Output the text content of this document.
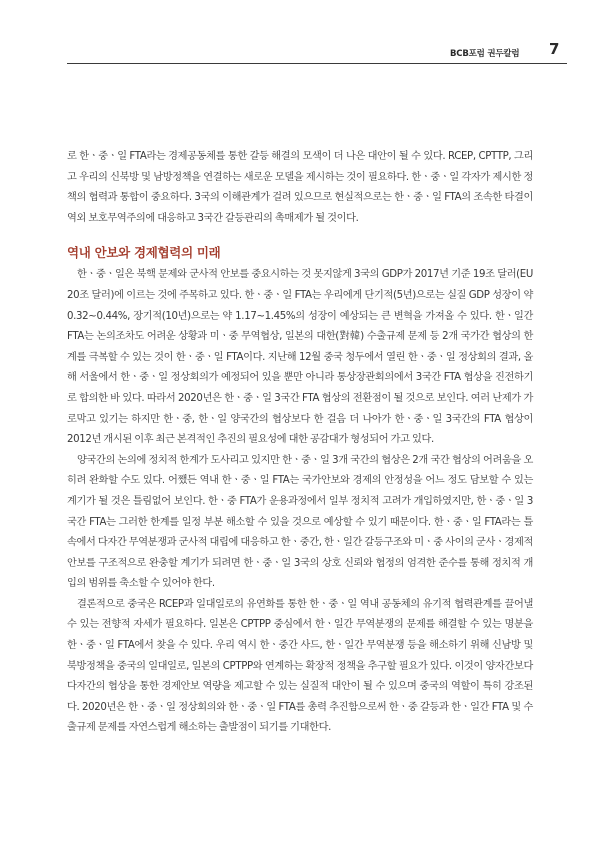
BCB포럼 권두칼럼 7

로 한ㆍ중ㆍ일 FTA라는 경제공동체를 통한 갈등 해결의 모색이 더 나은 대안이 될 수 있다. RCEP, CPTTP, 그리고 우리의 신북방 및 남방정책을 연결하는 새로운 모델을 제시하는 것이 필요하다. 한ㆍ중ㆍ일 각자가 제시한 정책의 협력과 통합이 중요하다. 3국의 이해관계가 걸려 있으므로 현실적으로는 한ㆍ중ㆍ일 FTA의 조속한 타결이 역외 보호무역주의에 대응하고 3국간 갈등관리의 촉매제가 될 것이다.

역내 안보와 경제협력의 미래

한ㆍ중ㆍ일은 북핵 문제와 군사적 안보를 중요시하는 것 못지않게 3국의 GDP가 2017년 기준 19조 달러(EU 20조 달러)에 이르는 것에 주목하고 있다. 한ㆍ중ㆍ일 FTA는 우리에게 단기적(5년)으로는 실질 GDP 성장이 약 0.32~0.44%, 장기적(10년)으로는 약 1.17~1.45%의 성장이 예상되는 큰 변혁을 가져올 수 있다. 한ㆍ일간 FTA는 논의조차도 어려운 상황과 미ㆍ중 무역협상, 일본의 대한(對韓) 수출규제 문제 등 2개 국가간 협상의 한계를 극복할 수 있는 것이 한ㆍ중ㆍ일 FTA이다. 지난해 12월 중국 청두에서 열린 한ㆍ중ㆍ일 정상회의 결과, 올해 서울에서 한ㆍ중ㆍ일 정상회의가 예정되어 있을 뿐만 아니라 통상장관회의에서 3국간 FTA 협상을 진전하기로 합의한 바 있다. 따라서 2020년은 한ㆍ중ㆍ일 3국간 FTA 협상의 전환점이 될 것으로 보인다. 여러 난제가 가로막고 있기는 하지만 한ㆍ중, 한ㆍ일 양국간의 협상보다 한 걸음 더 나아가 한ㆍ중ㆍ일 3국간의 FTA 협상이 2012년 개시된 이후 최근 본격적인 추진의 필요성에 대한 공감대가 형성되어 가고 있다.

양국간의 논의에 정치적 한계가 도사리고 있지만 한ㆍ중ㆍ일 3개 국간의 협상은 2개 국간 협상의 어려움을 오히려 완화할 수도 있다. 어쨌든 역내 한ㆍ중ㆍ일 FTA는 국가안보와 경제의 안정성을 어느 정도 담보할 수 있는 계기가 될 것은 틀림없어 보인다. 한ㆍ중 FTA가 운용과정에서 일부 정치적 고려가 개입하였지만, 한ㆍ중ㆍ일 3국간 FTA는 그러한 한계를 일정 부분 해소할 수 있을 것으로 예상할 수 있기 때문이다. 한ㆍ중ㆍ일 FTA라는 틀 속에서 다자간 무역분쟁과 군사적 대립에 대응하고 한ㆍ중간, 한ㆍ일간 갈등구조와 미ㆍ중 사이의 군사ㆍ경제적 안보를 구조적으로 완충할 계기가 되려면 한ㆍ중ㆍ일 3국의 상호 신뢰와 협정의 엄격한 준수를 통해 정치적 개입의 범위를 축소할 수 있어야 한다.

결론적으로 중국은 RCEP과 일대일로의 유연화를 통한 한ㆍ중ㆍ일 역내 공동체의 유기적 협력관계를 끌어낼 수 있는 전향적 자세가 필요하다. 일본은 CPTPP 중심에서 한ㆍ일간 무역분쟁의 문제를 해결할 수 있는 명분을 한ㆍ중ㆍ일 FTA에서 찾을 수 있다. 우리 역시 한ㆍ중간 사드, 한ㆍ일간 무역분쟁 등을 해소하기 위해 신남방 및 북방정책을 중국의 일대일로, 일본의 CPTPP와 연계하는 확장적 정책을 추구할 필요가 있다. 이것이 양자간보다 다자간의 협상을 통한 경제안보 역량을 제고할 수 있는 실질적 대안이 될 수 있으며 중국의 역할이 특히 강조된다. 2020년은 한ㆍ중ㆍ일 정상회의와 한ㆍ중ㆍ일 FTA를 총력 추진함으로써 한ㆍ중 갈등과 한ㆍ일간 FTA 및 수출규제 문제를 자연스럽게 해소하는 출발점이 되기를 기대한다.
